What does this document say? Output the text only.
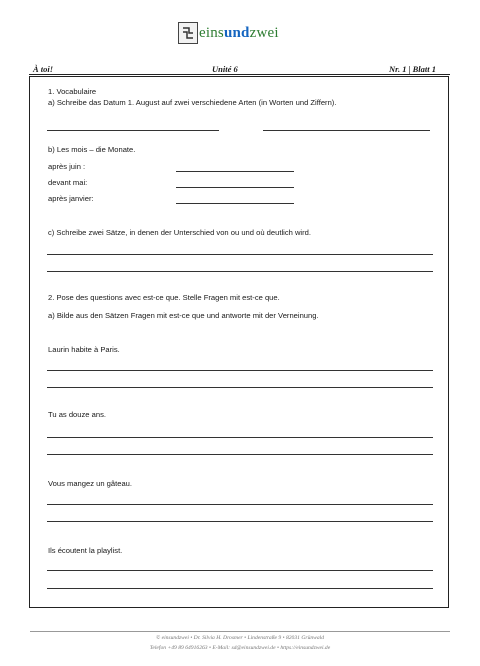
einsundzwei
À toi!	Unité 6	Nr. 1 | Blatt 1
1. Vocabulaire
a) Schreibe das Datum 1. August auf zwei verschiedene Arten (in Worten und Ziffern).
b) Les mois – die Monate.
après juin :
devant mai:
après janvier:
c) Schreibe zwei Sätze, in denen der Unterschied von ou und où deutlich wird.
2. Pose des questions avec est-ce que. Stelle Fragen mit est-ce que.
a) Bilde aus den Sätzen Fragen mit est-ce que und antworte mit der Verneinung.
Laurin habite à Paris.
Tu as douze ans.
Vous mangez un gâteau.
Ils écoutent la playlist.
© einsundzwei • Dr. Silvia H. Drosmer • Lindenstraße 9 • 82031 Grünwald
Telefon +49 89 64916263 • E-Mail: sd@einsundzwei.de • https://einsundzwei.de
